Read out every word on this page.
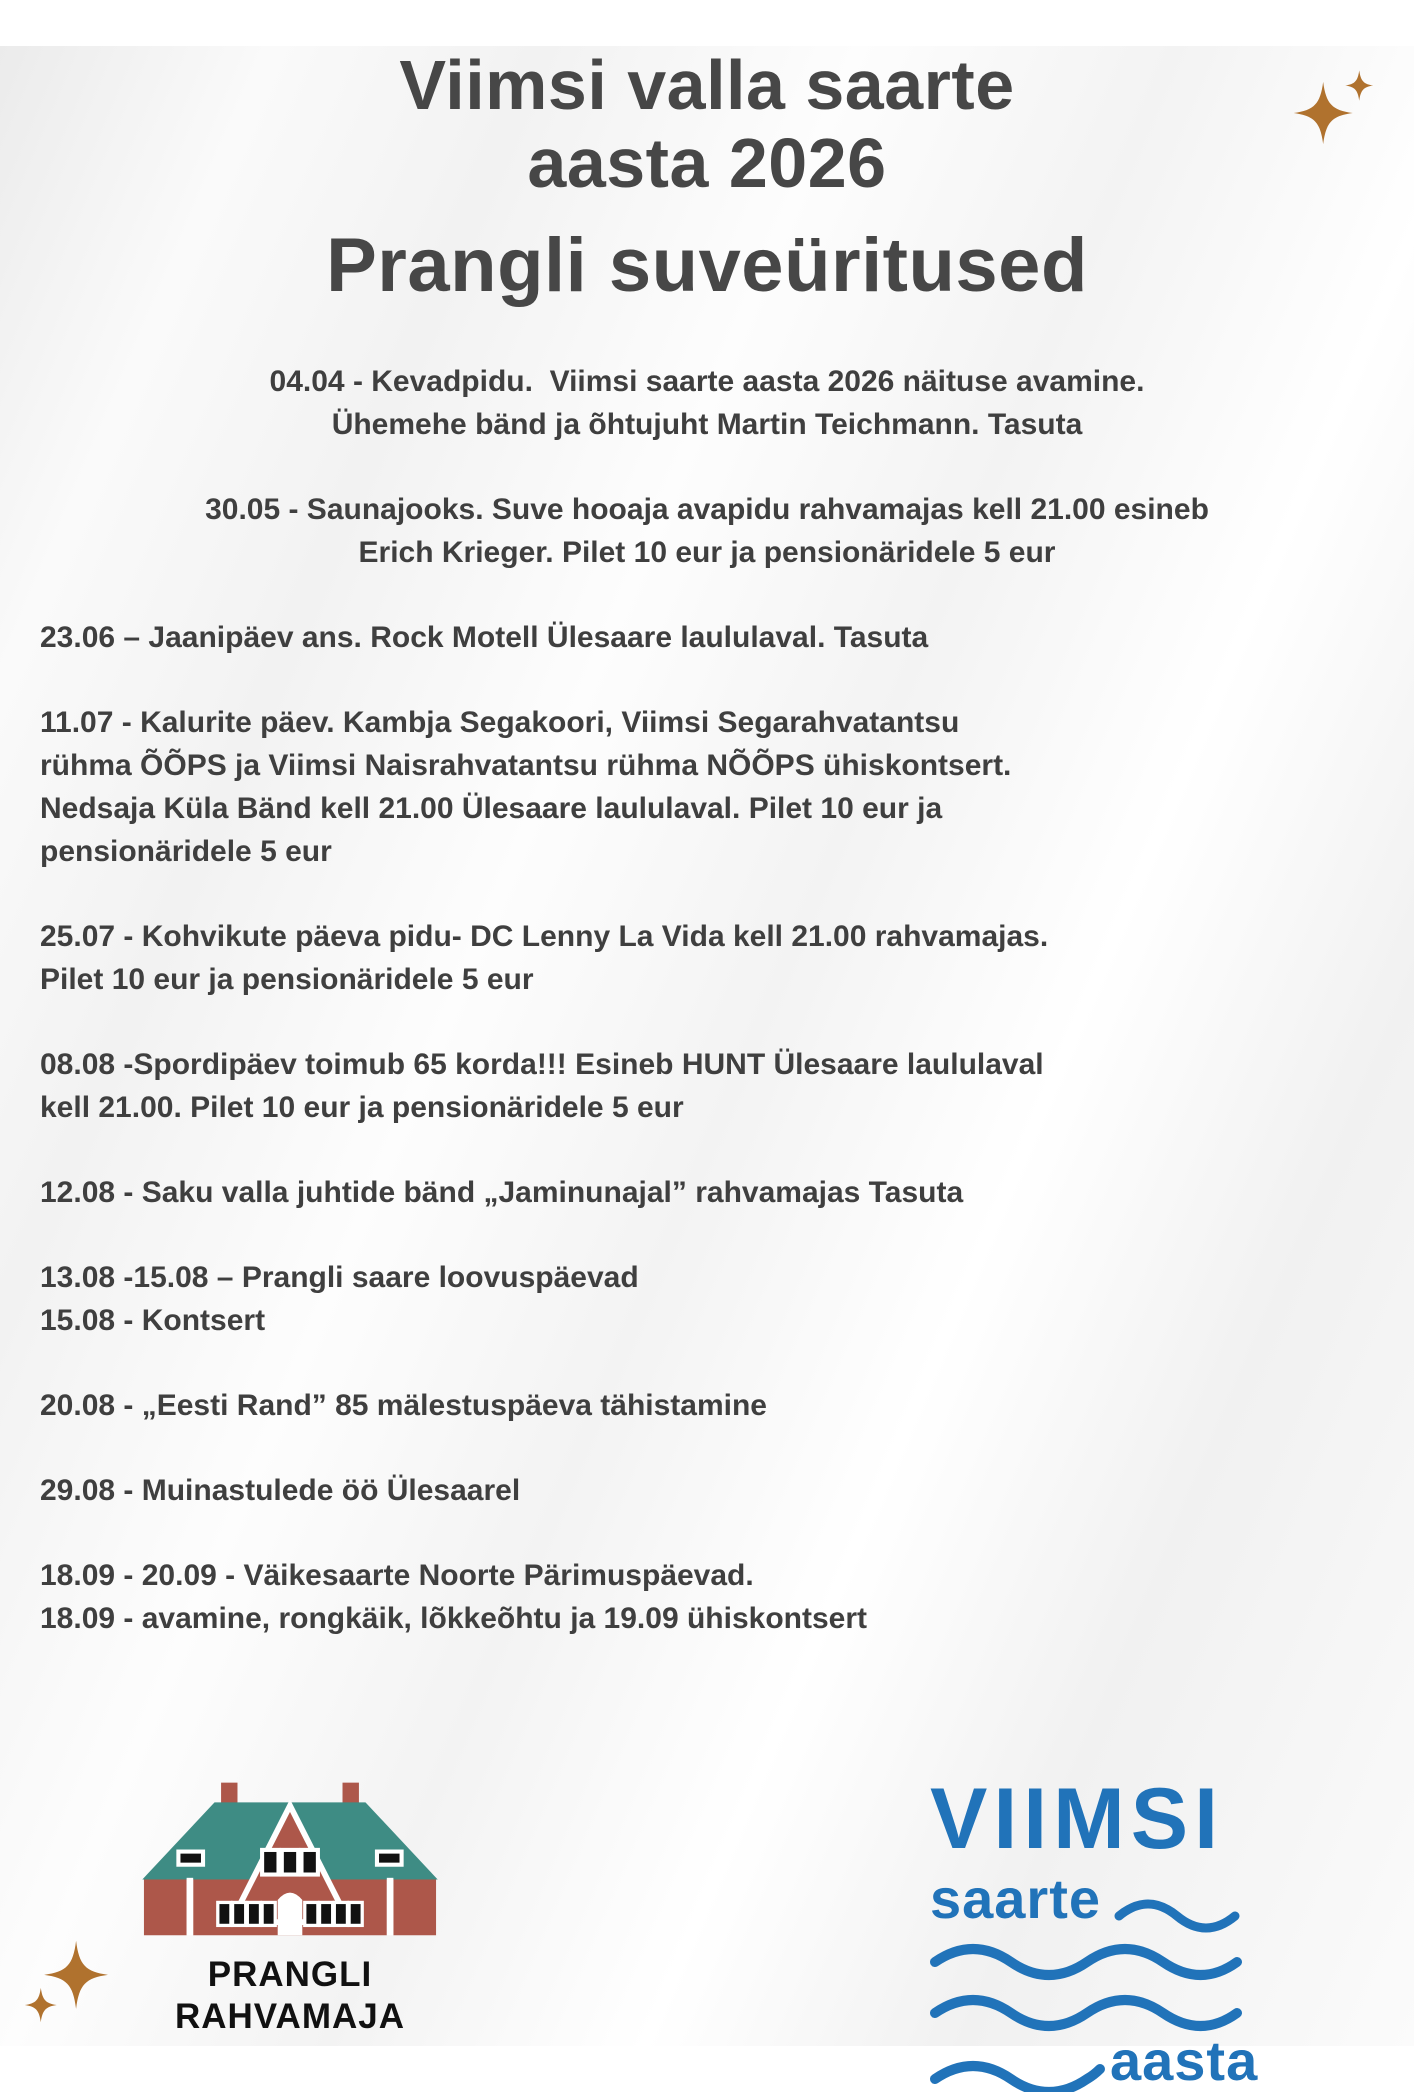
Viimsi valla saarte
aasta 2026
Prangli suveüritused
04.04 - Kevadpidu.  Viimsi saarte aasta 2026 näituse avamine.
Ühemehe bänd ja õhtujuht Martin Teichmann. Tasuta
30.05 - Saunajooks. Suve hooaja avapidu rahvamajas kell 21.00 esineb
Erich Krieger. Pilet 10 eur ja pensionäridele 5 eur
23.06 – Jaanipäev ans. Rock Motell Ülesaare laululaval. Tasuta
11.07 - Kalurite päev. Kambja Segakoori, Viimsi Segarahvatantsu
rühma ÕÕPS ja Viimsi Naisrahvatantsu rühma NÕÕPS ühiskontsert.
Nedsaja Küla Bänd kell 21.00 Ülesaare laululaval. Pilet 10 eur ja
pensionäridele 5 eur
25.07 - Kohvikute päeva pidu- DC Lenny La Vida kell 21.00 rahvamajas.
Pilet 10 eur ja pensionäridele 5 eur
08.08 -Spordipäev toimub 65 korda!!! Esineb HUNT Ülesaare laululaval
kell 21.00. Pilet 10 eur ja pensionäridele 5 eur
12.08 - Saku valla juhtide bänd „Jaminunajal” rahvamajas Tasuta
13.08 -15.08 – Prangli saare loovuspäevad
15.08 - Kontsert
20.08 - „Eesti Rand” 85 mälestuspäeva tähistamine
29.08 - Muinastulede öö Ülesaarel
18.09 - 20.09 - Väikesaarte Noorte Pärimuspäevad.
18.09 - avamine, rongkäik, lõkkeõhtu ja 19.09 ühiskontsert
PRANGLI
RAHVAMAJA
VIIMSI
saarte

aasta
